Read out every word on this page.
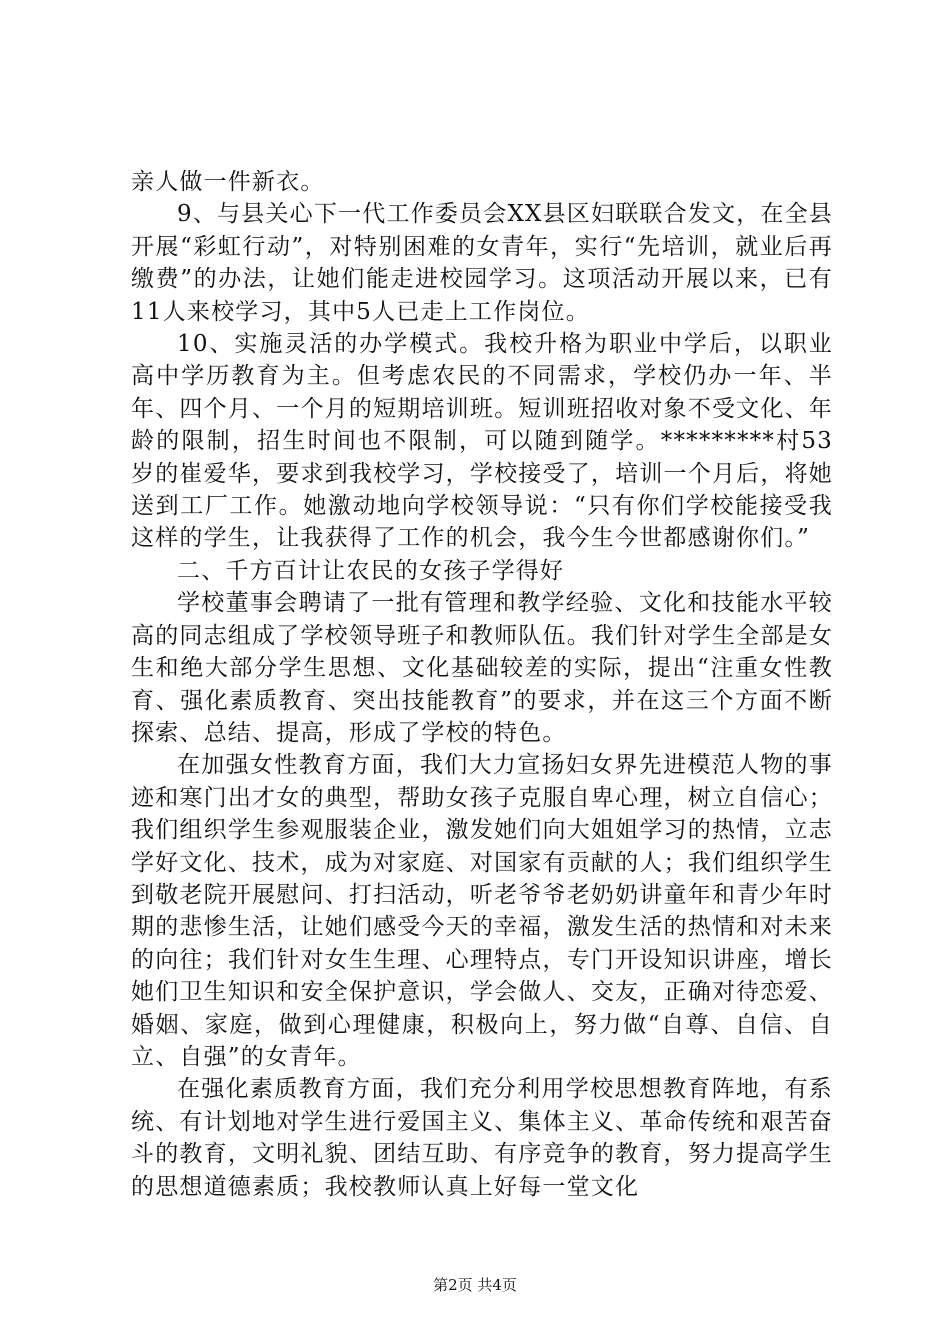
亲人做一件新衣。

9、与县关心下一代工作委员会XX县区妇联联合发文，在全县开展“彩虹行动”，对特别困难的女青年，实行“先培训，就业后再缴费”的办法，让她们能走进校园学习。这项活动开展以来，已有11人来校学习，其中5人已走上工作岗位。

10、实施灵活的办学模式。我校升格为职业中学后，以职业高中学历教育为主。但考虑农民的不同需求，学校仍办一年、半年、四个月、一个月的短期培训班。短训班招收对象不受文化、年龄的限制，招生时间也不限制，可以随到随学。*********村53岁的崔爱华，要求到我校学习，学校接受了，培训一个月后，将她送到工厂工作。她激动地向学校领导说：“只有你们学校能接受我这样的学生，让我获得了工作的机会，我今生今世都感谢你们。”

二、千方百计让农民的女孩子学得好

学校董事会聘请了一批有管理和教学经验、文化和技能水平较高的同志组成了学校领导班子和教师队伍。我们针对学生全部是女生和绝大部分学生思想、文化基础较差的实际，提出“注重女性教育、强化素质教育、突出技能教育”的要求，并在这三个方面不断探索、总结、提高，形成了学校的特色。

在加强女性教育方面，我们大力宣扬妇女界先进模范人物的事迹和寒门出才女的典型，帮助女孩子克服自卑心理，树立自信心；我们组织学生参观服装企业，激发她们向大姐姐学习的热情，立志学好文化、技术，成为对家庭、对国家有贡献的人；我们组织学生到敬老院开展慰问、打扫活动，听老爷爷老奶奶讲童年和青少年时期的悲惨生活，让她们感受今天的幸福，激发生活的热情和对未来的向往；我们针对女生生理、心理特点，专门开设知识讲座，增长她们卫生知识和安全保护意识，学会做人、交友，正确对待恋爱、婚姻、家庭，做到心理健康，积极向上，努力做“自尊、自信、自立、自强”的女青年。

在强化素质教育方面，我们充分利用学校思想教育阵地，有系统、有计划地对学生进行爱国主义、集体主义、革命传统和艰苦奋斗的教育，文明礼貌、团结互助、有序竞争的教育，努力提高学生的思想道德素质；我校教师认真上好每一堂文化

第2页 共4页
